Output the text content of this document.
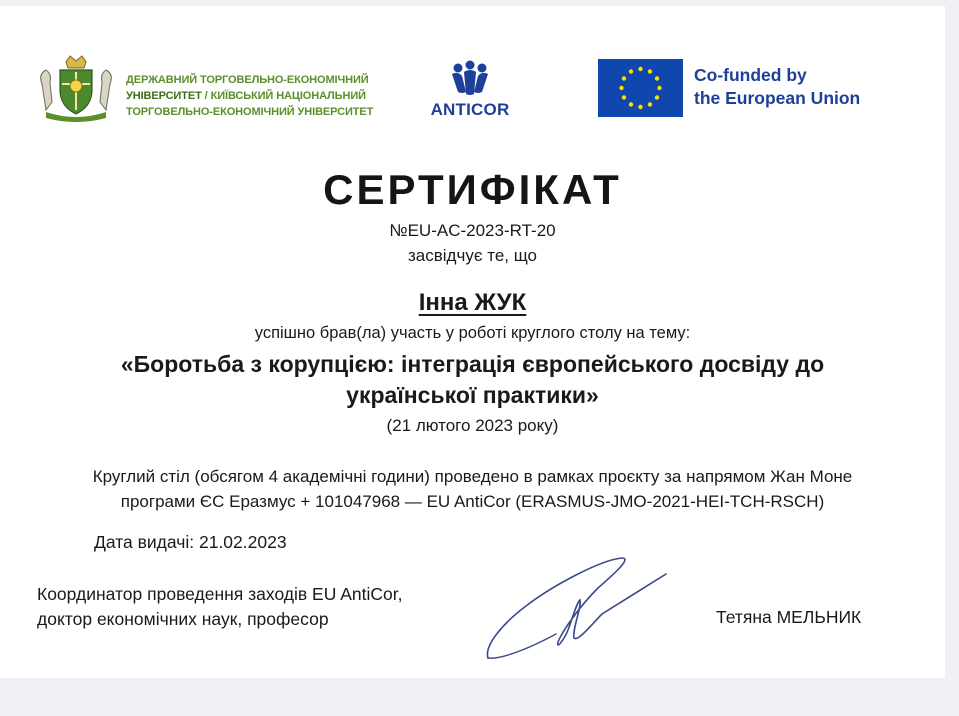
ДЕРЖАВНИЙ ТОРГОВЕЛЬНО-ЕКОНОМІЧНИЙ
УНІВЕРСИТЕТ / КИЇВСЬКИЙ НАЦІОНАЛЬНИЙ
ТОРГОВЕЛЬНО-ЕКОНОМІЧНИЙ УНІВЕРСИТЕТ	ANTICOR
Co-funded by
the European Union
СЕРТИФІКАТ
№EU-AC-2023-RT-20
засвідчує те, що
Інна ЖУК
успішно брав(ла) участь у роботі круглого столу на тему:
«Боротьба з корупцією: інтеграція європейського досвіду до
української практики»
(21 лютого 2023 року)
Круглий стіл (обсягом 4 академічні години) проведено в рамках проєкту за напрямом Жан Моне
програми ЄС Еразмус + 101047968 — EU AntiCor (ERASMUS-JMO-2021-HEI-TCH-RSCH)
Дата видачі: 21.02.2023
Координатор проведення заходів EU AntiCor,
доктор економічних наук, професор	Тетяна МЕЛЬНИК
